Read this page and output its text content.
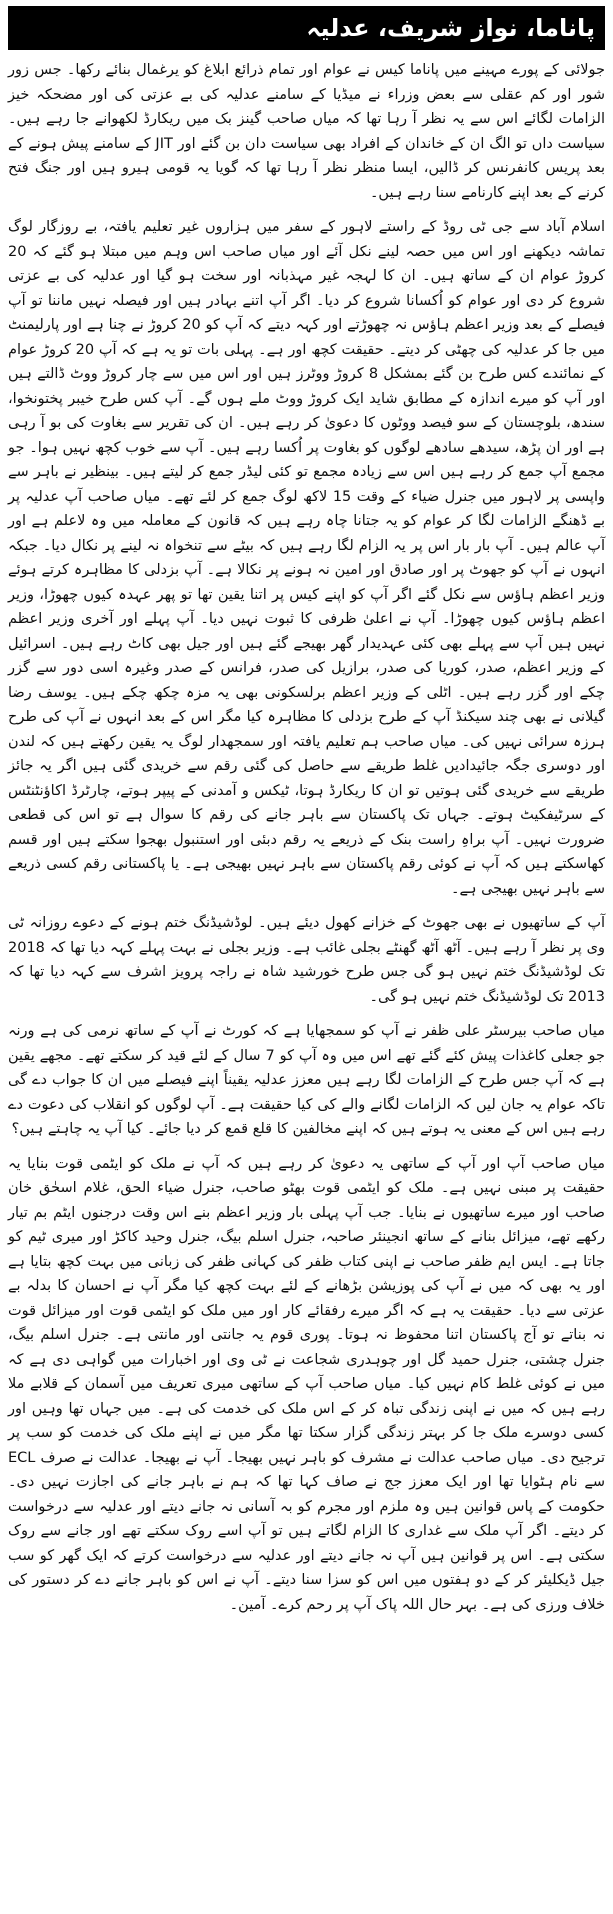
پاناما، نواز شریف، عدلیہ

جولائی کے پورے مہینے میں پاناما کیس نے عوام اور تمام ذرائع ابلاغ کو یرغمال بنائے رکھا۔ جس زور شور اور کم عقلی سے بعض وزراء نے میڈیا کے سامنے عدلیہ کی بے عزتی کی اور مضحکہ خیز الزامات لگائے اس سے یہ نظر آ رہا تھا کہ میاں صاحب گینز بک میں ریکارڈ لکھوانے جا رہے ہیں۔ سیاست داں تو الگ ان کے خاندان کے افراد بھی سیاست دان بن گئے اور JIT کے سامنے پیش ہونے کے بعد پریس کانفرنس کر ڈالیں، ایسا منظر نظر آ رہا تھا کہ گویا یہ قومی ہیرو ہیں اور جنگ فتح کرنے کے بعد اپنے کارنامے سنا رہے ہیں۔

اسلام آباد سے جی ٹی روڈ کے راستے لاہور کے سفر میں ہزاروں غیر تعلیم یافتہ، بے روزگار لوگ تماشہ دیکھنے اور اس میں حصہ لینے نکل آئے اور میاں صاحب اس وہم میں مبتلا ہو گئے کہ 20 کروڑ عوام ان کے ساتھ ہیں۔ ان کا لہجہ غیر مہذبانہ اور سخت ہو گیا اور عدلیہ کی بے عزتی شروع کر دی اور عوام کو اُکسانا شروع کر دیا۔ اگر آپ اتنے بہادر ہیں اور فیصلہ نہیں ماننا تو آپ فیصلے کے بعد وزیر اعظم ہاؤس نہ چھوڑتے اور کہہ دیتے کہ آپ کو 20 کروڑ نے چنا ہے اور پارلیمنٹ میں جا کر عدلیہ کی چھٹی کر دیتے۔ حقیقت کچھ اور ہے۔ پہلی بات تو یہ ہے کہ آپ 20 کروڑ عوام کے نمائندے کس طرح بن گئے بمشکل 8 کروڑ ووٹرز ہیں اور اس میں سے چار کروڑ ووٹ ڈالتے ہیں اور آپ کو میرے اندازہ کے مطابق شاید ایک کروڑ ووٹ ملے ہوں گے۔ آپ کس طرح خیبر پختونخوا، سندھ، بلوچستان کے سو فیصد ووٹوں کا دعویٰ کر رہے ہیں۔ ان کی تقریر سے بغاوت کی بو آ رہی ہے اور ان پڑھ، سیدھے سادھے لوگوں کو بغاوت پر اُکسا رہے ہیں۔ آپ سے خوب کچھ نہیں ہوا۔ جو مجمع آپ جمع کر رہے ہیں اس سے زیادہ مجمع تو کئی لیڈر جمع کر لیتے ہیں۔ بینظیر نے باہر سے واپسی پر لاہور میں جنرل ضیاء کے وقت 15 لاکھ لوگ جمع کر لئے تھے۔ میاں صاحب آپ عدلیہ پر بے ڈھنگے الزامات لگا کر عوام کو یہ جتانا چاہ رہے ہیں کہ قانون کے معاملہ میں وہ لاعلم ہے اور آپ عالم ہیں۔ آپ بار بار اس پر یہ الزام لگا رہے ہیں کہ بیٹے سے تنخواہ نہ لینے پر نکال دیا۔ جبکہ انہوں نے آپ کو جھوٹ پر اور صادق اور امین نہ ہونے پر نکالا ہے۔ آپ بزدلی کا مظاہرہ کرتے ہوئے وزیر اعظم ہاؤس سے نکل گئے اگر آپ کو اپنے کیس پر اتنا یقین تھا تو پھر عہدہ کیوں چھوڑا، وزیر اعظم ہاؤس کیوں چھوڑا۔ آپ نے اعلیٰ ظرفی کا ثبوت نہیں دیا۔ آپ پہلے اور آخری وزیر اعظم نہیں ہیں آپ سے پہلے بھی کئی عہدیدار گھر بھیجے گئے ہیں اور جیل بھی کاٹ رہے ہیں۔ اسرائیل کے وزیر اعظم، صدر، کوریا کی صدر، برازیل کی صدر، فرانس کے صدر وغیرہ اسی دور سے گزر چکے اور گزر رہے ہیں۔ اٹلی کے وزیر اعظم برلسکونی بھی یہ مزہ چکھ چکے ہیں۔ یوسف رضا گیلانی نے بھی چند سیکنڈ آپ کے طرح بزدلی کا مظاہرہ کیا مگر اس کے بعد انہوں نے آپ کی طرح ہرزہ سرائی نہیں کی۔ میاں صاحب ہم تعلیم یافتہ اور سمجھدار لوگ یہ یقین رکھتے ہیں کہ لندن اور دوسری جگہ جائیدادیں غلط طریقے سے حاصل کی گئی رقم سے خریدی گئی ہیں اگر یہ جائز طریقے سے خریدی گئی ہوتیں تو ان کا ریکارڈ ہوتا، ٹیکس و آمدنی کے پیپر ہوتے، چارٹرڈ اکاؤنٹنٹس کے سرٹیفکیٹ ہوتے۔ جہاں تک پاکستان سے باہر جانے کی رقم کا سوال ہے تو اس کی قطعی ضرورت نہیں۔ آپ براہِ راست بنک کے ذریعے یہ رقم دبئی اور استنبول بھجوا سکتے ہیں اور قسم کھاسکتے ہیں کہ آپ نے کوئی رقم پاکستان سے باہر نہیں بھیجی ہے۔ یا پاکستانی رقم کسی ذریعے سے باہر نہیں بھیجی ہے۔

آپ کے ساتھیوں نے بھی جھوٹ کے خزانے کھول دیئے ہیں۔ لوڈشیڈنگ ختم ہونے کے دعوے روزانہ ٹی وی پر نظر آ رہے ہیں۔ آٹھ آٹھ گھنٹے بجلی غائب ہے۔ وزیر بجلی نے بہت پہلے کہہ دیا تھا کہ 2018 تک لوڈشیڈنگ ختم نہیں ہو گی جس طرح خورشید شاہ نے راجہ پرویز اشرف سے کہہ دیا تھا کہ 2013 تک لوڈشیڈنگ ختم نہیں ہو گی۔

میاں صاحب بیرسٹر علی ظفر نے آپ کو سمجھایا ہے کہ کورٹ نے آپ کے ساتھ نرمی کی ہے ورنہ جو جعلی کاغذات پیش کئے گئے تھے اس میں وہ آپ کو 7 سال کے لئے قید کر سکتے تھے۔ مجھے یقین ہے کہ آپ جس طرح کے الزامات لگا رہے ہیں معزز عدلیہ یقیناً اپنے فیصلے میں ان کا جواب دے گی تاکہ عوام یہ جان لیں کہ الزامات لگانے والے کی کیا حقیقت ہے۔ آپ لوگوں کو انقلاب کی دعوت دے رہے ہیں اس کے معنی یہ ہوتے ہیں کہ اپنے مخالفین کا قلع قمع کر دیا جائے۔ کیا آپ یہ چاہتے ہیں؟

میاں صاحب آپ اور آپ کے ساتھی یہ دعویٰ کر رہے ہیں کہ آپ نے ملک کو ایٹمی قوت بنایا یہ حقیقت پر مبنی نہیں ہے۔ ملک کو ایٹمی قوت بھٹو صاحب، جنرل ضیاء الحق، غلام اسحٰق خان صاحب اور میرے ساتھیوں نے بنایا۔ جب آپ پہلی بار وزیر اعظم بنے اس وقت درجنوں ایٹم بم تیار رکھے تھے، میزائل بنانے کے ساتھ انجینئر صاحبہ، جنرل اسلم بیگ، جنرل وحید کاکڑ اور میری ٹیم کو جاتا ہے۔ ایس ایم ظفر صاحب نے اپنی کتاب ظفر کی کہانی ظفر کی زبانی میں بہت کچھ بتایا ہے اور یہ بھی کہ میں نے آپ کی پوزیشن بڑھانے کے لئے بہت کچھ کیا مگر آپ نے احسان کا بدلہ بے عزتی سے دیا۔ حقیقت یہ ہے کہ اگر میرے رفقائے کار اور میں ملک کو ایٹمی قوت اور میزائل قوت نہ بناتے تو آج پاکستان اتنا محفوظ نہ ہوتا۔ پوری قوم یہ جانتی اور مانتی ہے۔ جنرل اسلم بیگ، جنرل چشتی، جنرل حمید گل اور چوہدری شجاعت نے ٹی وی اور اخبارات میں گواہی دی ہے کہ میں نے کوئی غلط کام نہیں کیا۔ میاں صاحب آپ کے ساتھی میری تعریف میں آسمان کے قلابے ملا رہے ہیں کہ میں نے اپنی زندگی تباہ کر کے اس ملک کی خدمت کی ہے۔ میں جہاں تھا وہیں اور کسی دوسرے ملک جا کر بہتر زندگی گزار سکتا تھا مگر میں نے اپنے ملک کی خدمت کو سب پر ترجیح دی۔ میاں صاحب عدالت نے مشرف کو باہر نہیں بھیجا۔ آپ نے بھیجا۔ عدالت نے صرف ECL سے نام ہٹوایا تھا اور ایک معزز جج نے صاف کہا تھا کہ ہم نے باہر جانے کی اجازت نہیں دی۔ حکومت کے پاس قوانین ہیں وہ ملزم اور مجرم کو بہ آسانی نہ جانے دیتے اور عدلیہ سے درخواست کر دیتے۔ اگر آپ ملک سے غداری کا الزام لگاتے ہیں تو آپ اسے روک سکتے تھے اور جانے سے روک سکتی ہے۔ اس پر قوانین ہیں آپ نہ جانے دیتے اور عدلیہ سے درخواست کرتے کہ ایک گھر کو سب جیل ڈیکلیئر کر کے دو ہفتوں میں اس کو سزا سنا دیتے۔ آپ نے اس کو باہر جانے دے کر دستور کی خلاف ورزی کی ہے۔ بہر حال اللہ پاک آپ پر رحم کرے۔ آمین۔
